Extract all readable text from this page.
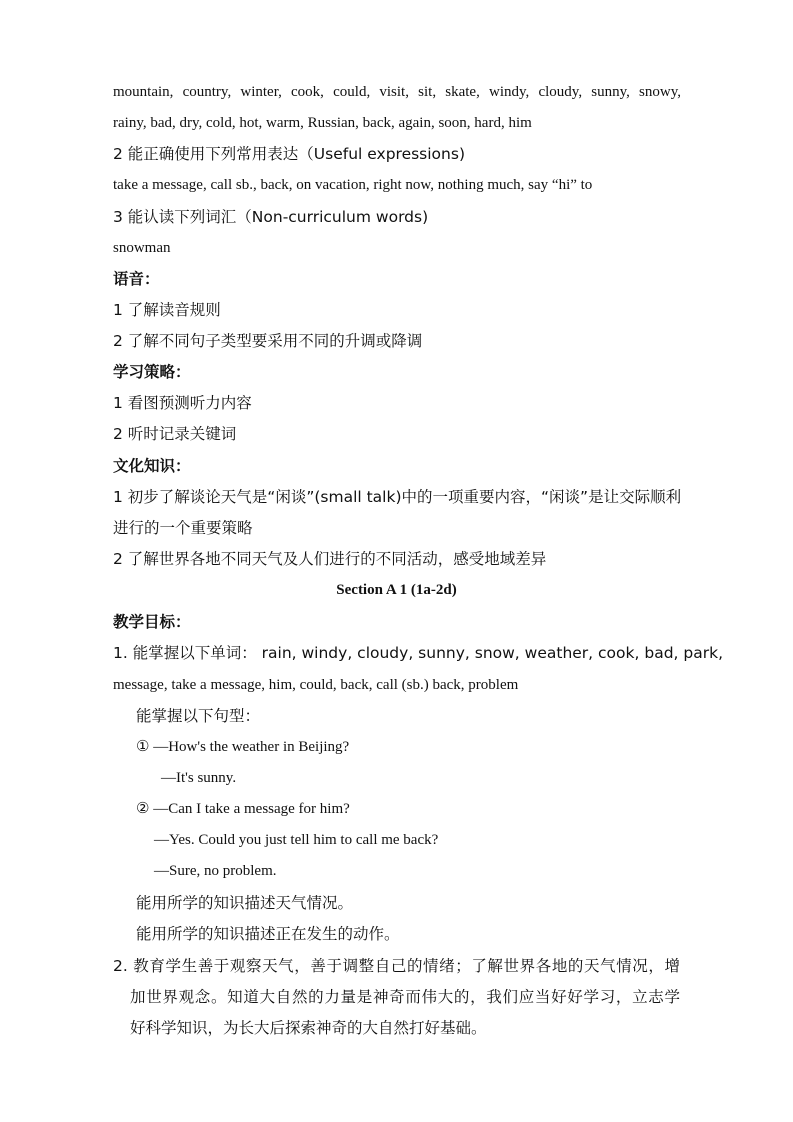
mountain, country, winter, cook, could, visit, sit, skate, windy, cloudy, sunny, snowy,
rainy, bad, dry, cold, hot, warm, Russian, back, again, soon, hard, him
2 能正确使用下列常用表达（Useful expressions)
take a message, call sb., back, on vacation, right now, nothing much, say “hi” to
3 能认读下列词汇（Non-curriculum words)
snowman
语音：
1 了解读音规则
2 了解不同句子类型要采用不同的升调或降调
学习策略：
1 看图预测听力内容
2 听时记录关键词
文化知识：
1 初步了解谈论天气是“闲谈”(small talk)中的一项重要内容，“闲谈”是让交际顺利
进行的一个重要策略
2 了解世界各地不同天气及人们进行的不同活动，感受地域差异
Section A 1 (1a-2d)
教学目标：
1. 能掌握以下单词： rain, windy, cloudy, sunny, snow, weather, cook, bad, park,
message, take a message, him, could, back, call (sb.) back, problem
能掌握以下句型：
① —How's the weather in Beijing?
—It's sunny.
② —Can I take a message for him?
—Yes. Could you just tell him to call me back?
—Sure, no problem.
能用所学的知识描述天气情况。
能用所学的知识描述正在发生的动作。
2. 教育学生善于观察天气，善于调整自己的情绪；了解世界各地的天气情况，增
加世界观念。知道大自然的力量是神奇而伟大的，我们应当好好学习，立志学
好科学知识，为长大后探索神奇的大自然打好基础。
